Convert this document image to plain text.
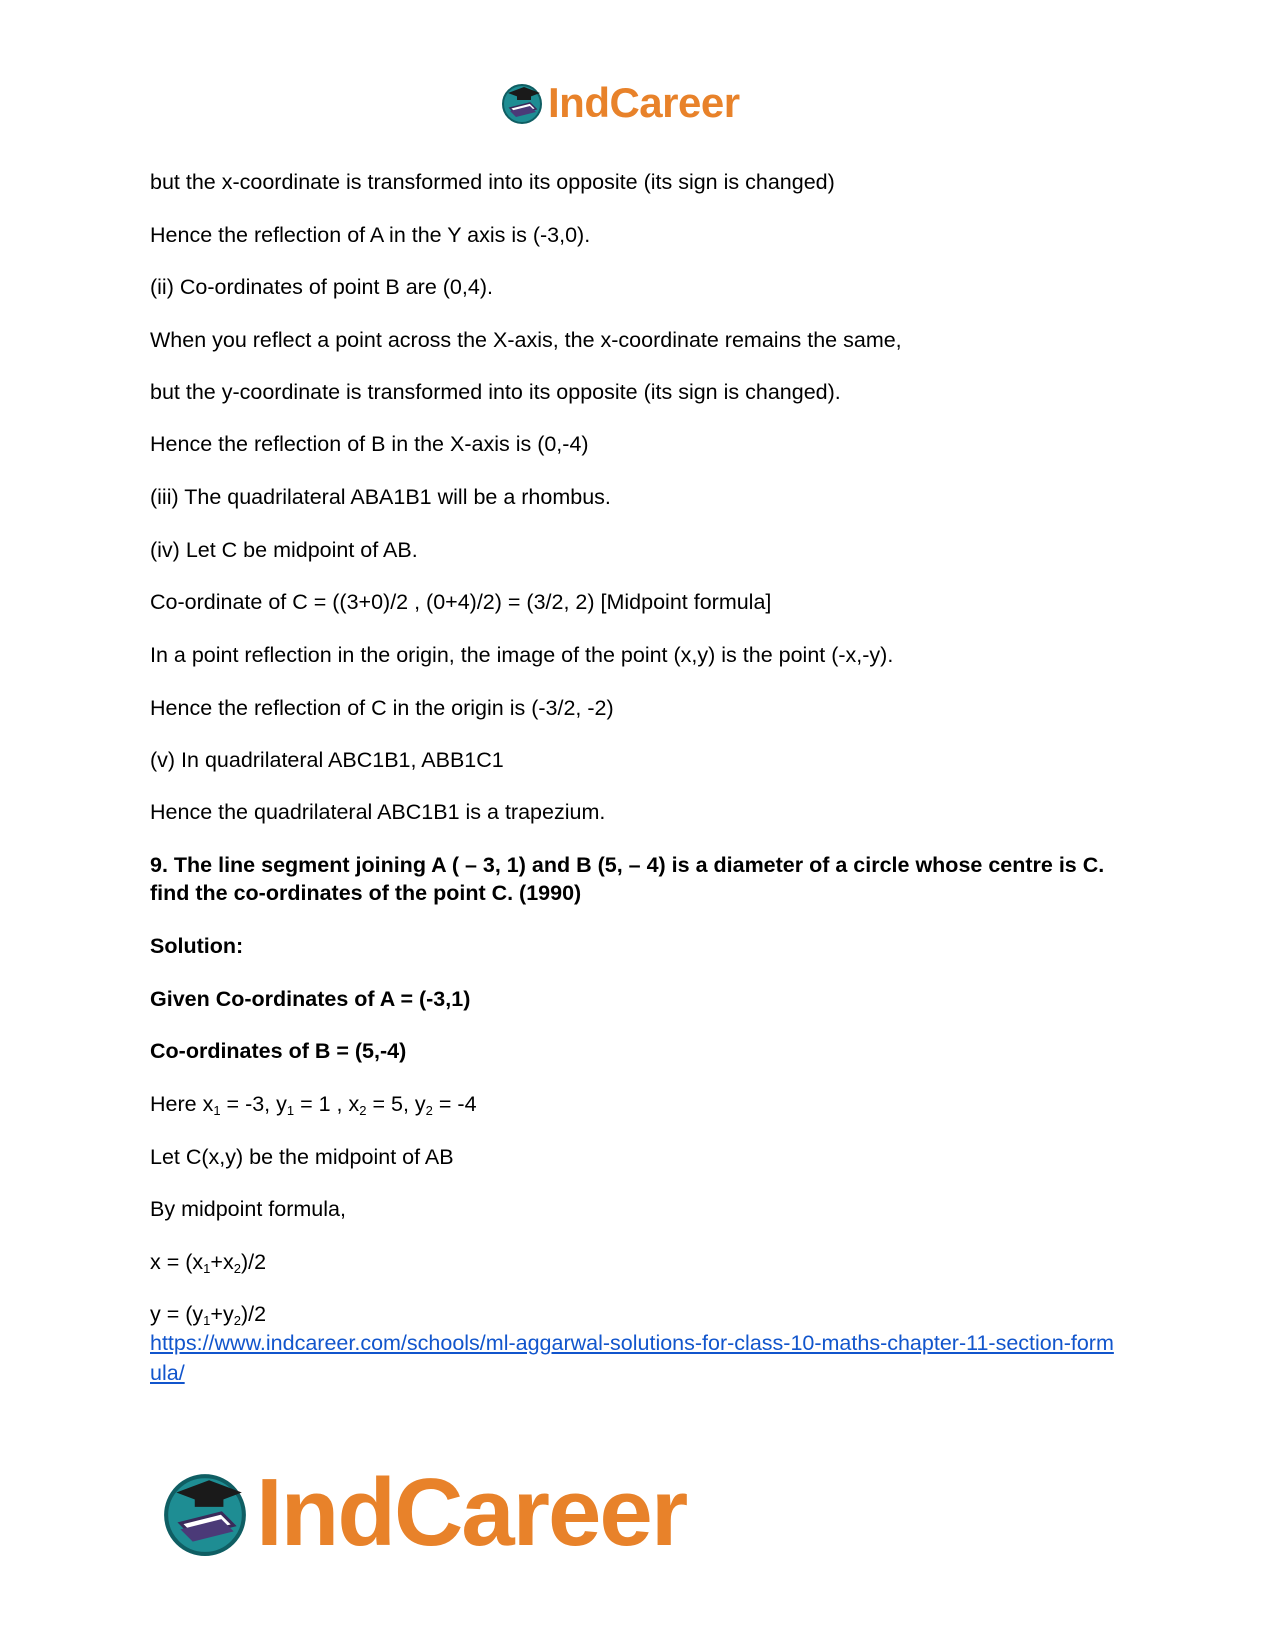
IndCareer
but the x-coordinate is transformed into its opposite (its sign is changed)
Hence the reflection of A in the Y axis is (-3,0).
(ii) Co-ordinates of point B are (0,4).
When you reflect a point across the X-axis, the x-coordinate remains the same,
but the y-coordinate is transformed into its opposite (its sign is changed).
Hence the reflection of B in the X-axis is (0,-4)
(iii) The quadrilateral ABA1B1 will be a rhombus.
(iv) Let C be midpoint of AB.
Co-ordinate of C = ((3+0)/2 , (0+4)/2) = (3/2, 2) [Midpoint formula]
In a point reflection in the origin, the image of the point (x,y) is the point (-x,-y).
Hence the reflection of C in the origin is (-3/2, -2)
(v) In quadrilateral ABC1B1, ABB1C1
Hence the quadrilateral ABC1B1 is a trapezium.
9. The line segment joining A ( – 3, 1) and B (5, – 4) is a diameter of a circle whose centre is C. find the co-ordinates of the point C. (1990)
Solution:
Given Co-ordinates of A = (-3,1)
Co-ordinates of B = (5,-4)
Here $x_1 = -3$, $y_1 = 1$ , $x_2 = 5$, $y_2 = -4$
Let C(x,y) be the midpoint of AB
By midpoint formula,
$x = (x_1+x_2)/2$
$y = (y_1+y_2)/2$
https://www.indcareer.com/schools/ml-aggarwal-solutions-for-class-10-maths-chapter-11-section-formula/
IndCareer
